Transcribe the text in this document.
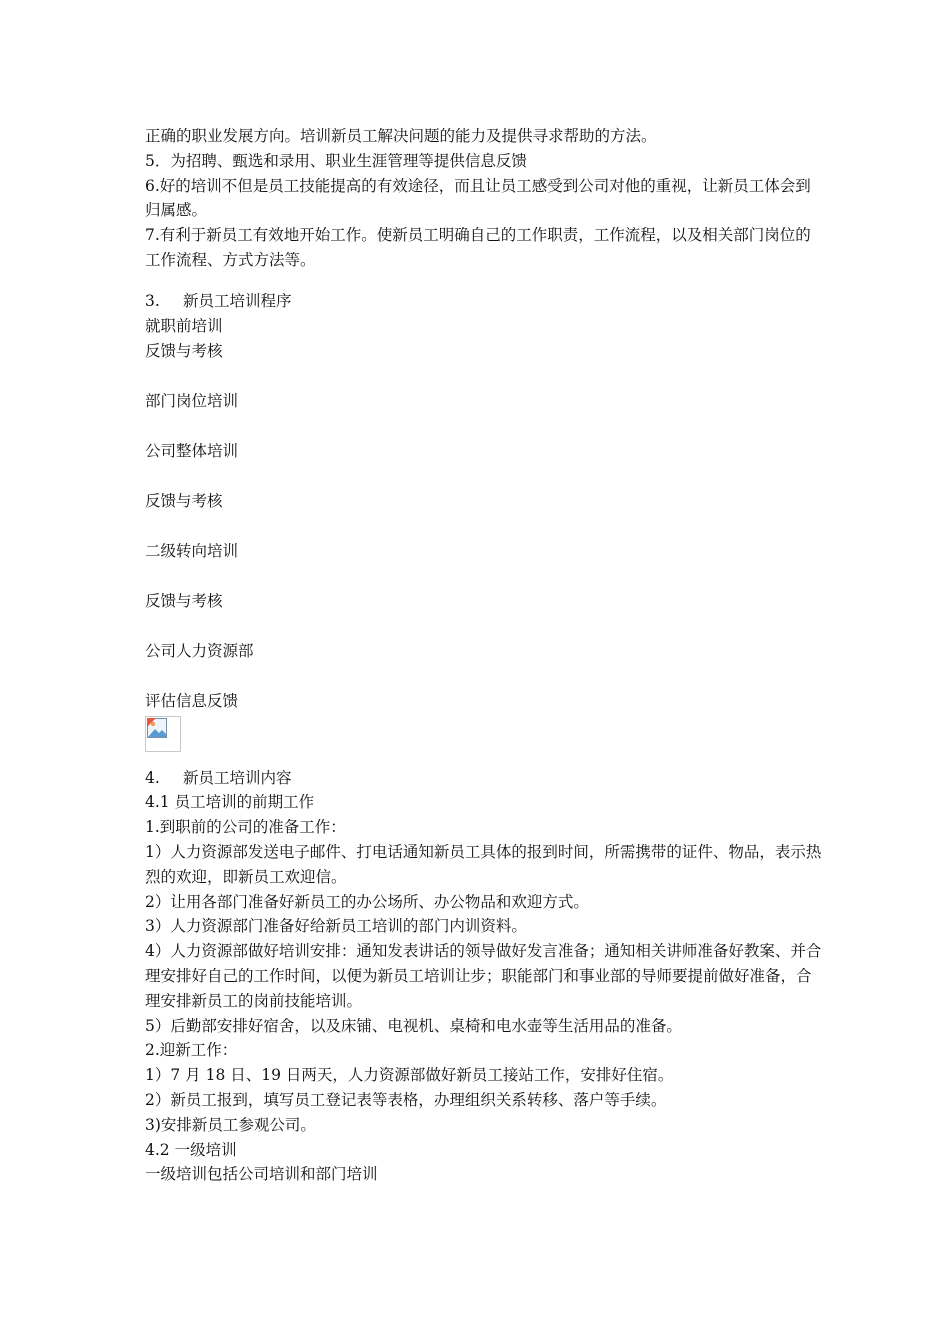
正确的职业发展方向。培训新员工解决问题的能力及提供寻求帮助的方法。
5．为招聘、甄选和录用、职业生涯管理等提供信息反馈
6.好的培训不但是员工技能提高的有效途径，而且让员工感受到公司对他的重视，让新员工体会到归属感。
7.有利于新员工有效地开始工作。使新员工明确自己的工作职责，工作流程，以及相关部门岗位的工作流程、方式方法等。
3. 新员工培训程序
就职前培训
反馈与考核
部门岗位培训
公司整体培训
反馈与考核
二级转向培训
反馈与考核
公司人力资源部
评估信息反馈
4. 新员工培训内容
4.1 员工培训的前期工作
1.到职前的公司的准备工作：
1）人力资源部发送电子邮件、打电话通知新员工具体的报到时间，所需携带的证件、物品，表示热烈的欢迎，即新员工欢迎信。
2）让用各部门准备好新员工的办公场所、办公物品和欢迎方式。
3）人力资源部门准备好给新员工培训的部门内训资料。
4）人力资源部做好培训安排：通知发表讲话的领导做好发言准备；通知相关讲师准备好教案、并合理安排好自己的工作时间，以便为新员工培训让步；职能部门和事业部的导师要提前做好准备，合理安排新员工的岗前技能培训。
5）后勤部安排好宿舍，以及床铺、电视机、桌椅和电水壶等生活用品的准备。
2.迎新工作：
1）7 月 18 日、19 日两天，人力资源部做好新员工接站工作，安排好住宿。
2）新员工报到，填写员工登记表等表格，办理组织关系转移、落户等手续。
3)安排新员工参观公司。
4.2 一级培训
一级培训包括公司培训和部门培训
